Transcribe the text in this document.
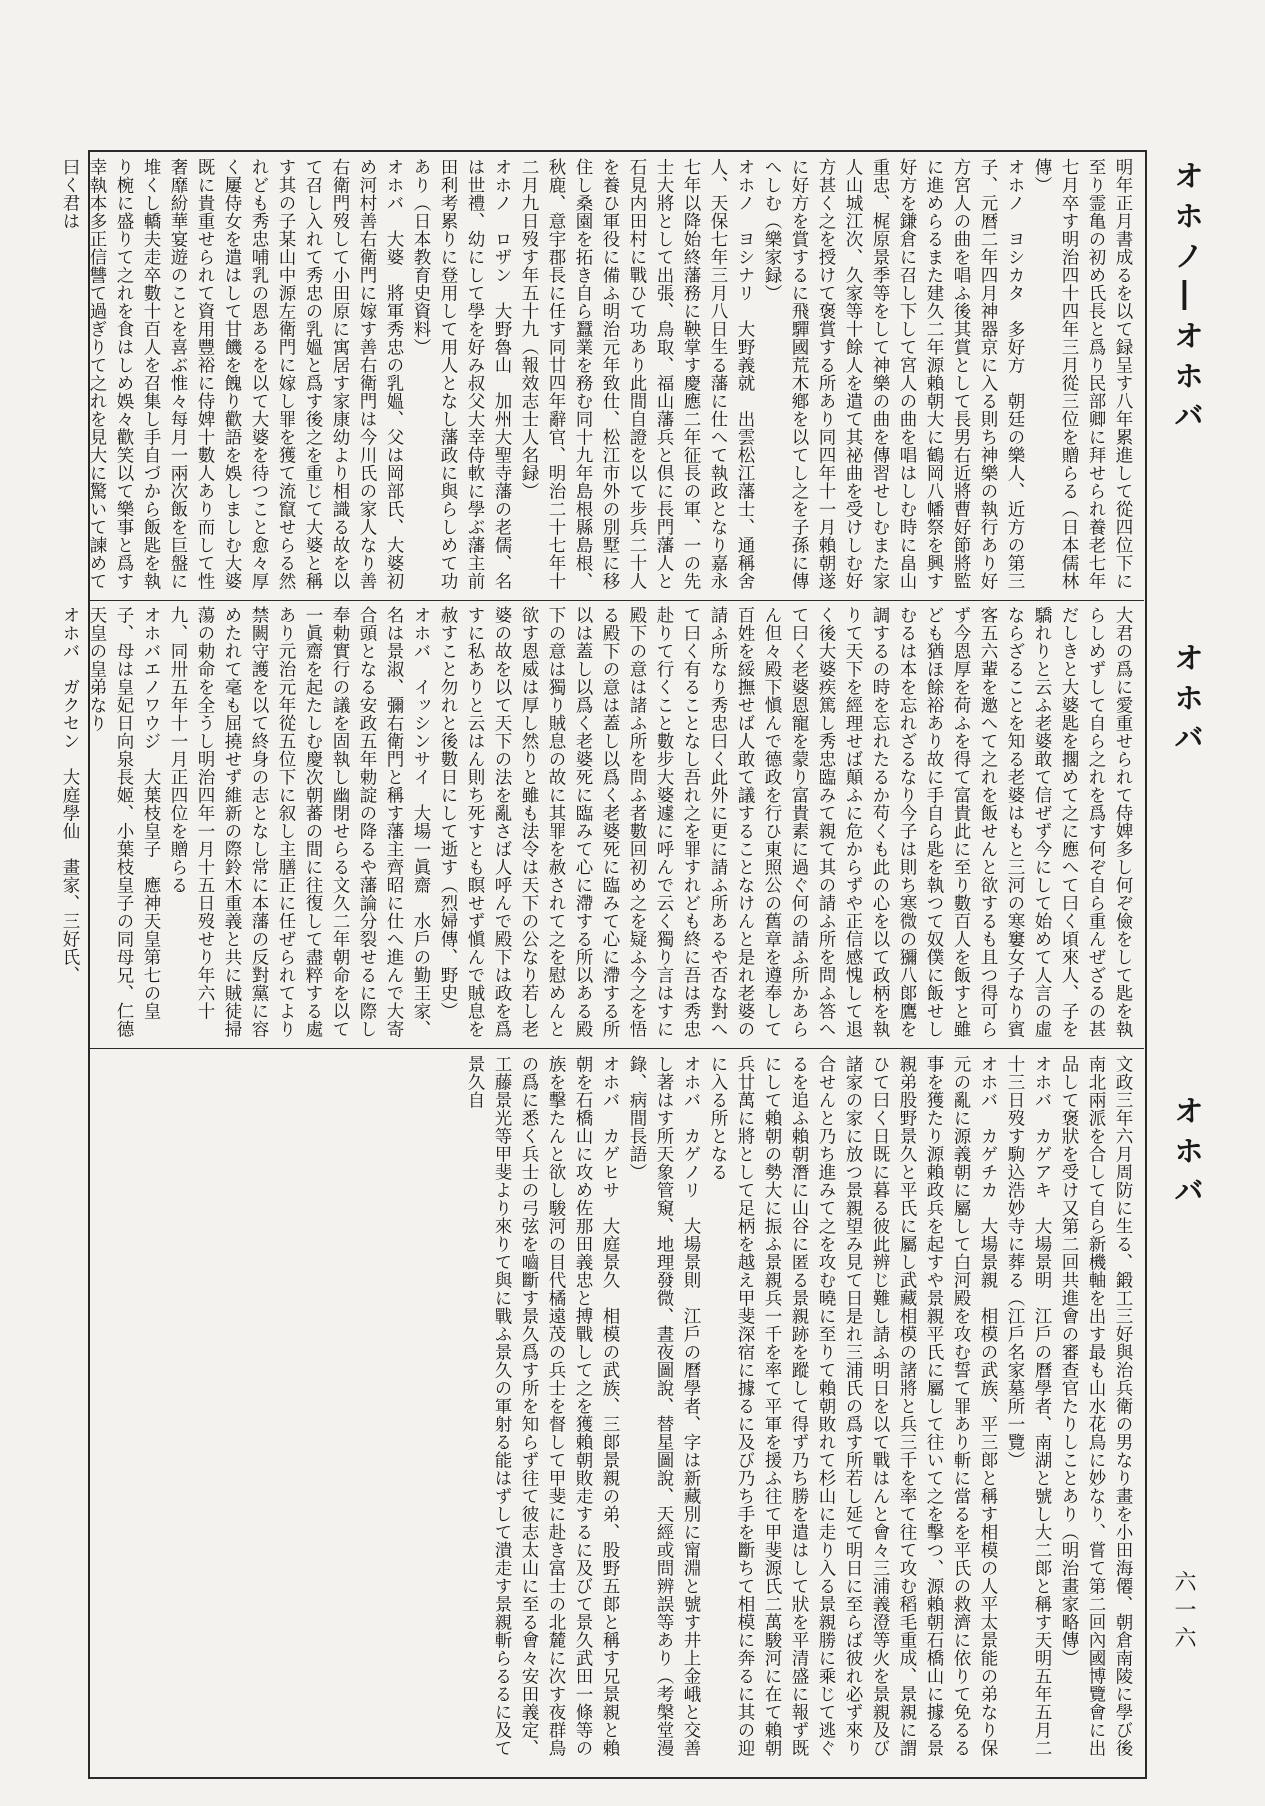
オホノ―オホバ
オホバ
オホバ
六一六
明年正月書成るを以て録呈す八年累進して從四位下に至り霊亀の初め氏長と爲り民部卿に拜せられ養老七年七月卒す明治四十四年三月從三位を贈らる（日本儒林傳）
オホノ　ヨシカタ　多好方　朝廷の樂人、近方の第三子、元暦二年四月神器京に入る則ち神樂の執行あり好方宮人の曲を唱ふ後其賞として長男右近將曹好節將監に進めらるまた建久二年源賴朝大に鶴岡八幡祭を興す好方を鎌倉に召し下して宮人の曲を唱はしむ時に畠山重忠、梶原景季等をして神樂の曲を傳習せしむまた家人山城江次、久家等十餘人を遣て其祕曲を受けしむ好方甚く之を授けて褒賞する所あり同四年十一月賴朝遂に好方を賞するに飛驒國荒木鄕を以てし之を子孫に傳へしむ（樂家録）
オホノ　ヨシナリ　大野義就　出雲松江藩士、通稱舍人、天保七年三月八日生る藩に仕へて執政となり嘉永七年以降始終藩務に鞅掌す慶應二年征長の軍、一の先士大將として出張、鳥取、福山藩兵と倶に長門藩人と石見内田村に戰ひて功あり此間自證を以て步兵二十人を養ひ軍役に備ふ明治元年致仕、松江市外の別墅に移住し桑園を拓き自ら蠶業を務む同十九年島根縣島根、秋鹿、意宇郡長に任す同廿四年辭官、明治二十七年十二月九日歿す年五十九（報效志士人名録）
オホノ　ロザン　大野魯山　加州大聖寺藩の老儒、名は世禮、幼にして學を好み叔父大幸侍軟に學ぶ藩主前田利考累りに登用して用人となし藩政に與らしめて功あり（日本教育史資料）
オホバ　大婆　將軍秀忠の乳媼、父は岡部氏、大婆初め河村善右衛門に嫁す善右衛門は今川氏の家人なり善右衛門歿して小田原に寓居す家康幼より相識る故を以て召し入れて秀忠の乳媼と爲す後之を重じて大婆と稱す其の子某山中源左衛門に嫁し罪を獲て流竄せらる然れども秀忠哺乳の恩あるを以て大婆を待つこと愈々厚く屢侍女を遣はして甘饑を餽り歡語を娛しましむ大婆既に貴重せられて資用豐裕に侍婢十數人あり而して性奢靡紛華宴遊のことを喜ぶ惟々每月一兩次飯を巨盤に堆くし轎夫走卒數十百人を召集し手自づから飯匙を執り椀に盛りて之れを食はしめ娛々歡笑以て樂事と爲す幸執本多正信讐て過ぎりて之れを見大に驚いて諫めて曰く君は
大君の爲に愛重せられて侍婢多し何ぞ儉をして匙を執らしめずして自ら之れを爲す何ぞ自ら重んぜざるの甚だしきと大婆匙を擱めて之に應へて曰く頃來人、子を驕れりと云ふ老婆敢て信ぜず今にして始めて人言の虛ならざることを知る老婆はもと三河の寒窶女子なり賓客五六輩を邀へて之れを飯せんと欲するも且つ得可らず今恩厚を荷ふを得て富貴此に至り數百人を飯すと雖ども猶ほ餘裕あり故に手自ら匙を執つて奴僕に飯せしむるは本を忘れざるなり今子は則ち寒微の獼八郞鷹を調するの時を忘れたるか苟くも此の心を以て政柄を執りて天下を經理せば顛ふに危からずや正信感愧して退く後大婆疾篤し秀忠臨みて親て其の請ふ所を問ふ答へて曰く老婆恩寵を蒙り富貴素に過ぐ何の請ふ所かあらん但々殿下愼んで德政を行ひ東照公の舊章を遵奉して百姓を綏撫せば人敢て議することなけんと是れ老婆の請ふ所なり秀忠曰く此外に更に請ふ所あるや否な對へて曰く有ることなし吾れ之を罪すれども終に吾は秀忠赴りて行くこと數步大婆遽に呼んで云く獨り言はすに殿下の意は諸ふ所を問ふ者數回初め之を疑ふ今之を悟る殿下の意は蓋し以爲く老婆死に臨みて心に滯する所以は蓋し以爲く老婆死に臨みて心に滯する所以ある殿下の意は獨り賊息の故に其罪を赦されて之を慰めんと欲す恩威は厚し然りと雖も法令は天下の公なり若し老婆の故を以て天下の法を亂さば人呼んで殿下は政を爲すに私ありと云はん則ち死すとも瞑せず愼んで賊息を赦すこと勿れと後數日にして逝す（烈婦傳、野史）
オホバ　イッシンサイ　大場一眞齋　水戶の勤王家、名は景淑、彌右衛門と稱す藩主齊昭に仕へ進んで大寄合頭となる安政五年勅諚の降るや藩論分裂せるに際し奉勅實行の議を固執し幽閉せらる文久二年朝命を以て一眞齋を起たしむ慶次朝蕃の間に往復して盡粹する處あり元治元年從五位下に叙し主膳正に任ぜられてより禁闕守護を以て終身の志となし常に本藩の反對黨に容めたれて毫も屈撓せず維新の際鈴木重義と共に賊徒掃蕩の勅命を全うし明治四年一月十五日歿せり年六十九、同卅五年十一月正四位を贈らる
オホバエノワウジ　大葉枝皇子　應神天皇第七の皇子、母は皇妃日向泉長姬、小葉枝皇子の同母兄、仁德天皇の皇弟なり
オホバ　ガクセン　大庭學仙　畫家、三好氏、
文政三年六月周防に生る、鍛工三好與治兵衛の男なり畫を小田海僊、朝倉南陵に學び後南北兩派を合して自ら新機軸を出す最も山水花鳥に妙なり、嘗て第二回內國博覽會に出品して褒狀を受け又第二回共進會の審查官たりしことあり（明治畫家略傳）
オホバ　カゲアキ　大場景明　江戶の曆學者、南湖と號し大二郞と稱す天明五年五月二十三日歿す駒込浩妙寺に葬る（江戶名家墓所一覽）
オホバ　カゲチカ　大場景親　相模の武族、平三郞と稱す相模の人平太景能の弟なり保元の亂に源義朝に屬して白河殿を攻む誓て罪あり斬に當るを平氏の救濟に依りて免るる事を獲たり源賴政兵を起すや景親平氏に屬して往いて之を擊つ、源賴朝石橋山に據る景親弟股野景久と平氏に屬し武藏相模の諸將と兵三千を率て往て攻む稻毛重成、景親に謂ひて曰く日既に暮る彼此辨じ難し請ふ明日を以て戰はんと會々三浦義澄等火を景親及び諸家の家に放つ景親望み見て日是れ三浦氏の爲す所若し延て明日に至らば彼れ必ず來り合せんと乃ち進みて之を攻む曉に至りて賴朝敗れて杉山に走り入る景親勝に乘じて逃ぐるを追ふ賴朝潛に山谷に匿る景親跡を蹤して得ず乃ち勝を遣はして狀を平清盛に報ず既にして賴朝の勢大に振ふ景親兵一千を率て平軍を援ふ往て甲斐源氏二萬駿河に在て賴朝兵廿萬に將として足柄を越え甲斐深宿に據るに及び乃ち手を斷ちて相模に奔るに其の迎に入る所となる
オホバ　カゲノリ　大場景則　江戶の曆學者、字は新藏別に甯淵と號す井上金峨と交善し著はす所天象管窺、地理發微、晝夜圖說、替星圖說、天經或問辨誤等あり（考槃堂漫錄、病間長語）
オホバ　カゲヒサ　大庭景久　相模の武族、三郞景親の弟、股野五郞と稱す兄景親と賴朝を石橋山に攻め佐那田義忠と搏戰して之を獲賴朝敗走するに及びて景久武田一條等の族を擊たんと欲し駿河の目代橘遠茂の兵士を督して甲斐に赴き富士の北麓に次す夜群鳥の爲に悉く兵士の弓弦を嚙斷す景久爲す所を知らず往て彼志太山に至る會々安田義定、工藤景光等甲斐より來りて與に戰ふ景久の軍射る能はずして潰走す景親斬らるるに及て景久自
